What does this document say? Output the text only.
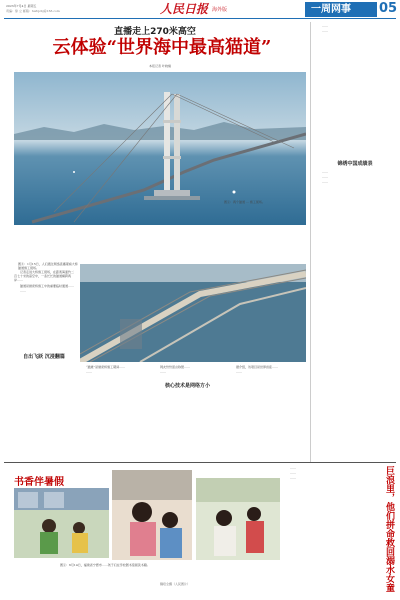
2023年7月4日 星期五
责编：徐 立 邮箱：hwbjzbj@163.com	人民日报 海外版	一周网事 05
直播走上270米高空
云体验“世界海中最高猫道”
本报记者 叶晓楠
图①：两个猫道 … 施工现场。

记者走进大桥施工现场，在距离海面约二百七十米的高空中，一条长长的猫道横跨两岸……

猫道是悬索桥施工中的重要临时通道……

……

自出飞跃 沉浸翻篇
图②：1月15日，人们通过网络直播观看大桥猫道施工现场。

“猫道”是悬索桥施工期间……

……

核心技术是网络方小

网友纷纷留言称赞……

……

据介绍，该项目是世界首座……

……

……

……

锦绣中国成绩表

……

……

……

书香伴暑假
图①：6月14日，福建省宁德市……孩子们在学校图书馆阅读书籍。
魏培全摄（人民图片）

……

……

……	巨浪里，他们拼命救回溺水女童
